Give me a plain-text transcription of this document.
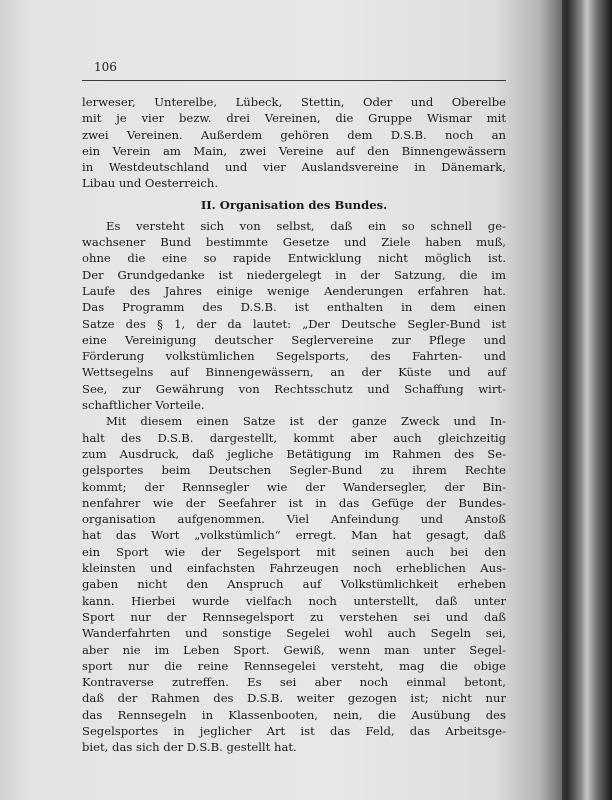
106
lerweser, Unterelbe, Lübeck, Stettin, Oder und Oberelbe
mit je vier bezw. drei Vereinen, die Gruppe Wismar mit
zwei Vereinen. Außerdem gehören dem D.S.B. noch an
ein Verein am Main, zwei Vereine auf den Binnengewässern
in Westdeutschland und vier Auslandsvereine in Dänemark,
Libau und Oesterreich.
II. Organisation des Bundes.
Es versteht sich von selbst, daß ein so schnell ge-
wachsener Bund bestimmte Gesetze und Ziele haben muß,
ohne die eine so rapide Entwicklung nicht möglich ist.
Der Grundgedanke ist niedergelegt in der Satzung, die im
Laufe des Jahres einige wenige Aenderungen erfahren hat.
Das Programm des D.S.B. ist enthalten in dem einen
Satze des § 1, der da lautet: „Der Deutsche Segler-Bund ist
eine Vereinigung deutscher Seglervereine zur Pflege und
Förderung volkstümlichen Segelsports, des Fahrten- und
Wettsegelns auf Binnengewässern, an der Küste und auf
See, zur Gewährung von Rechtsschutz und Schaffung wirt-
schaftlicher Vorteile.
Mit diesem einen Satze ist der ganze Zweck und In-
halt des D.S.B. dargestellt, kommt aber auch gleichzeitig
zum Ausdruck, daß jegliche Betätigung im Rahmen des Se-
gelsportes beim Deutschen Segler-Bund zu ihrem Rechte
kommt; der Rennsegler wie der Wandersegler, der Bin-
nenfahrer wie der Seefahrer ist in das Gefüge der Bundes-
organisation aufgenommen. Viel Anfeindung und Anstoß
hat das Wort „volkstümlich“ erregt. Man hat gesagt, daß
ein Sport wie der Segelsport mit seinen auch bei den
kleinsten und einfachsten Fahrzeugen noch erheblichen Aus-
gaben nicht den Anspruch auf Volkstümlichkeit erheben
kann. Hierbei wurde vielfach noch unterstellt, daß unter
Sport nur der Rennsegelsport zu verstehen sei und daß
Wanderfahrten und sonstige Segelei wohl auch Segeln sei,
aber nie im Leben Sport. Gewiß, wenn man unter Segel-
sport nur die reine Rennsegelei versteht, mag die obige
Kontraverse zutreffen. Es sei aber noch einmal betont,
daß der Rahmen des D.S.B. weiter gezogen ist; nicht nur
das Rennsegeln in Klassenbooten, nein, die Ausübung des
Segelsportes in jeglicher Art ist das Feld, das Arbeitsge-
biet, das sich der D.S.B. gestellt hat.
